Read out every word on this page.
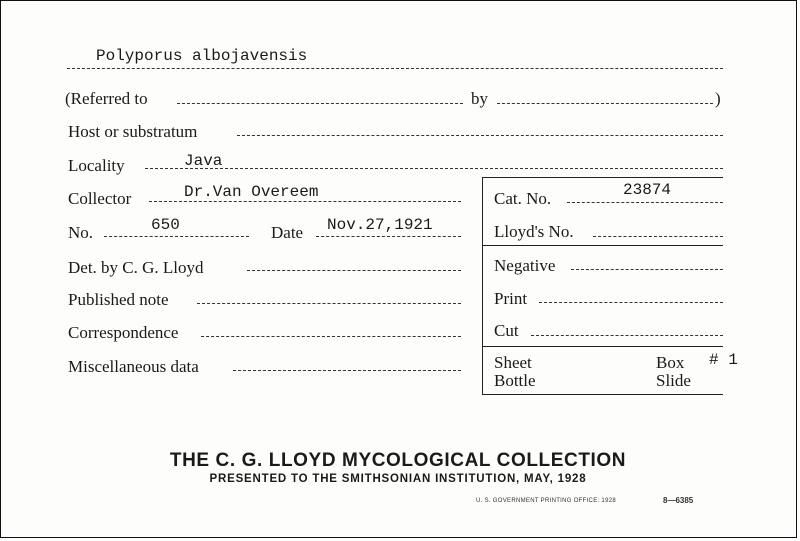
Polyporus albojavensis
(Referred to	by	)
Host or substratum
Locality	Java
Collector	Dr.Van Overeem
No.	650	Date Nov.27,1921
Det. by C. G. Lloyd
Published note
Correspondence
Miscellaneous data
Cat. No.	23874
Lloyd's No.
Negative
Print
Cut
Sheet
Bottle
Box # 1
Slide
THE C. G. LLOYD MYCOLOGICAL COLLECTION
PRESENTED TO THE SMITHSONIAN INSTITUTION, MAY, 1928
U. S. GOVERNMENT PRINTING OFFICE: 1928	8—6385
